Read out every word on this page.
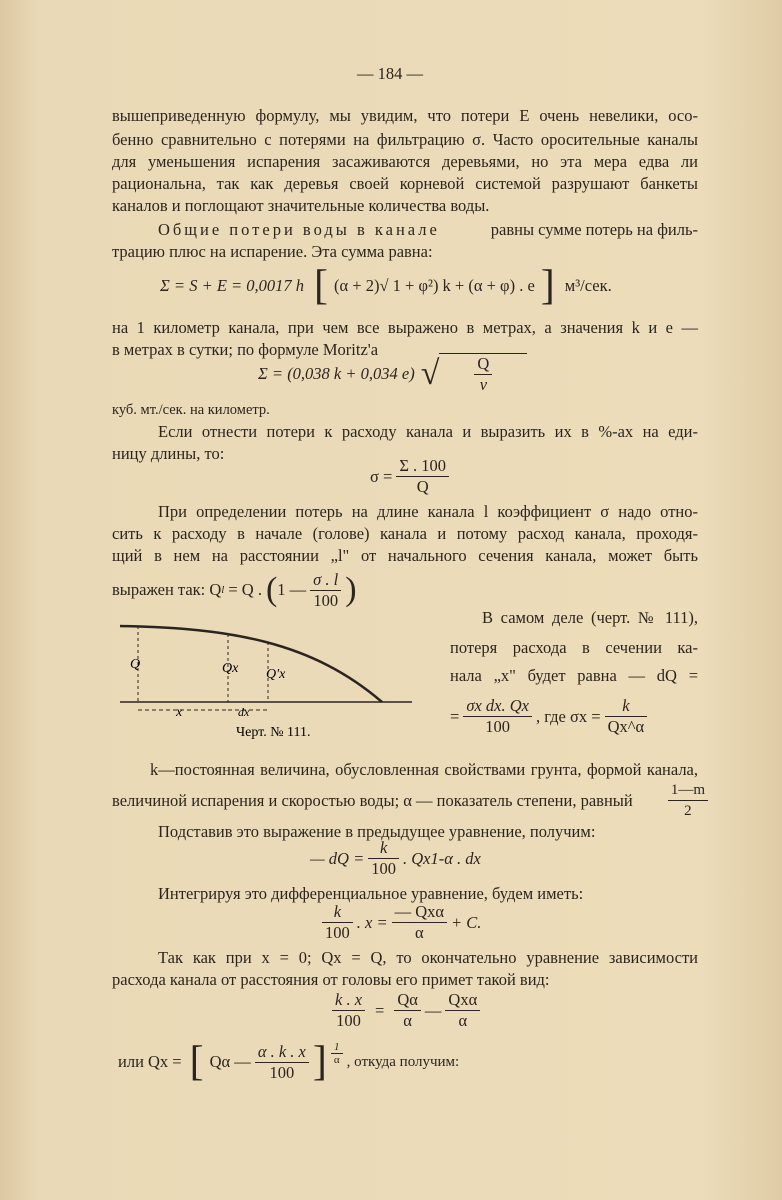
— 184 —
вышеприведенную формулу, мы увидим, что потери E очень невелики, осо-
бенно сравнительно с потерями на фильтрацию σ. Часто оросительные каналы
для уменьшения испарения засаживаются деревьями, но эта мера едва ли
рациональна, так как деревья своей корневой системой разрушают банкеты
каналов и поглощают значительные количества воды.
Общие потери воды в канале	равны сумме потерь на филь-
трацию плюс на испарение. Эта сумма равна:
Σ = S + E = 0,0017 h [ (α + 2)√ 1 + φ²) k + (α + φ) . e ] м³/сек.
на 1 километр канала, при чем все выражено в метрах, а значения k и e —
в метрах в сутки; по формуле Moritz'a
Σ = (0,038 k + 0,034 e) √ $\frac{Q}{v}$
куб. мт./сек. на километр.
Если отнести потери к расходу канала и выразить их в %-ах на еди-
ницу длины, то:
$\sigma = \frac{\Sigma . 100}{Q}$
При определении потерь на длине канала l коэффициент σ надо отно-
сить к расходу в начале (голове) канала и потому расход канала, проходя-
щий в нем на расстоянии „l" от начального сечения канала, может быть
выражен так: Q l = Q . ( 1 — $\frac{\sigma . l}{100}$ )
Q	Qx Q'x
x	dx
Черт. № 111.
В самом деле (черт. № 111),
потеря расхода в сечении ка-
нала „x" будет равна — dQ =
= $\frac{\text{σx dx. Qx}}{100}$ , где $\sigma x = \frac{k}{Qx\^{}\alpha}$
k—постоянная величина, обусловленная свойствами грунта, формой канала,
величиной испарения и скоростью воды; α — показатель степени, равный	$\frac{1—m}{2}$
Подставив это выражение в предыдущее уравнение, получим:
— dQ = $\frac{k}{100}$ . Qx1-α . dx
Интегрируя это дифференциальное уравнение, будем иметь:
$\frac{k}{100}$ . $x = \frac{\text{— Qxα}}{\alpha} + C$.
Так как при x = 0; Qx = Q, то окончательно уравнение зависимости
расхода канала от расстояния от головы его примет такой вид:
$\frac{k . x}{100} = \frac{Q\alpha}{\alpha}$ — $\frac{\text{Qxα}}{\alpha}$
или Qx = [ Qα — $\frac{\alpha . k . x}{100}$ ] $\frac{1}{\alpha}$ , откуда получим:
